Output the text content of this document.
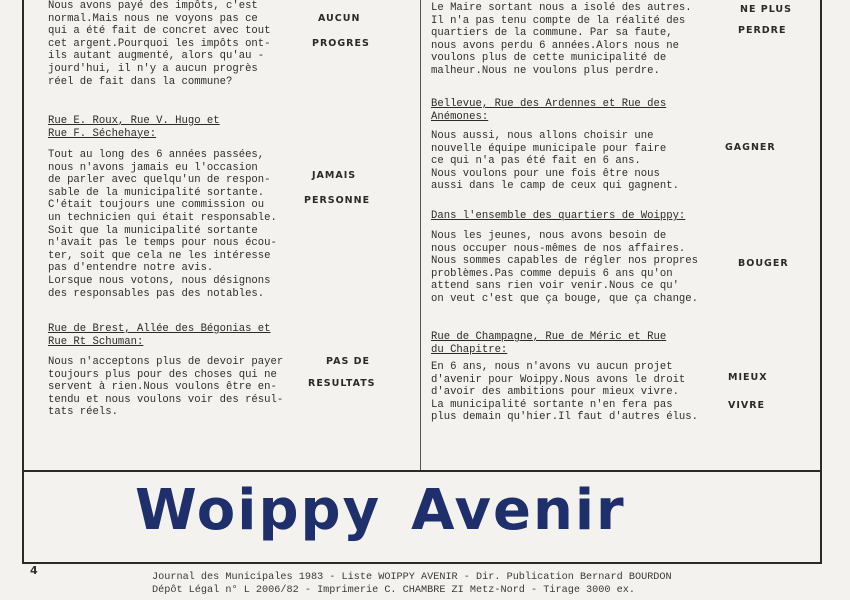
Nous avons payé des impôts, c'est
normal.Mais nous ne voyons pas ce
qui a été fait de concret avec tout
cet argent.Pourquoi les impôts ont-
ils autant augmenté, alors qu'au -
jourd'hui, il n'y a aucun progrès
réel de fait dans la commune?
Rue E. Roux, Rue V. Hugo et
Rue F. Séchehaye:
Tout au long des 6 années passées,
nous n'avons jamais eu l'occasion
de parler avec quelqu'un de respon-
sable de la municipalité sortante.
C'était toujours une commission ou
un technicien qui était responsable.
Soit que la municipalité sortante
n'avait pas le temps pour nous écou-
ter, soit que cela ne les intéresse
pas d'entendre notre avis.
Lorsque nous votons, nous désignons
des responsables pas des notables.
Rue de Brest, Allée des Bégonias et
Rue Rt Schuman:
Nous n'acceptons plus de devoir payer
toujours plus pour des choses qui ne
servent à rien.Nous voulons être en-
tendu et nous voulons voir des résul-
tats réels.
AUCUN
PROGRES
JAMAIS
PERSONNE
PAS DE
RESULTATS
Le Maire sortant nous a isolé des autres.
Il n'a pas tenu compte de la réalité des
quartiers de la commune. Par sa faute,
nous avons perdu 6 années.Alors nous ne
voulons plus de cette municipalité de
malheur.Nous ne voulons plus perdre.
Bellevue, Rue des Ardennes et Rue des
Anémones:
Nous aussi, nous allons choisir une
nouvelle équipe municipale pour faire
ce qui n'a pas été fait en 6 ans.
Nous voulons pour une fois être nous
aussi dans le camp de ceux qui gagnent.
Dans l'ensemble des quartiers de Woippy:
Nous les jeunes, nous avons besoin de
nous occuper nous-mêmes de nos affaires.
Nous sommes capables de régler nos propres
problèmes.Pas comme depuis 6 ans qu'on
attend sans rien voir venir.Nous ce qu'
on veut c'est que ça bouge, que ça change.
Rue de Champagne, Rue de Méric et Rue
du Chapitre:
En 6 ans, nous n'avons vu aucun projet
d'avenir pour Woippy.Nous avons le droit
d'avoir des ambitions pour mieux vivre.
La municipalité sortante n'en fera pas
plus demain qu'hier.Il faut d'autres élus.
NE PLUS
PERDRE
GAGNER
BOUGER
MIEUX
VIVRE
Woippy Avenir
4
Journal des Municipales 1983 - Liste WOIPPY AVENIR - Dir. Publication Bernard BOURDON
Dépôt Légal n° L 2006/82 - Imprimerie C. CHAMBRE ZI Metz-Nord - Tirage 3000 ex.
